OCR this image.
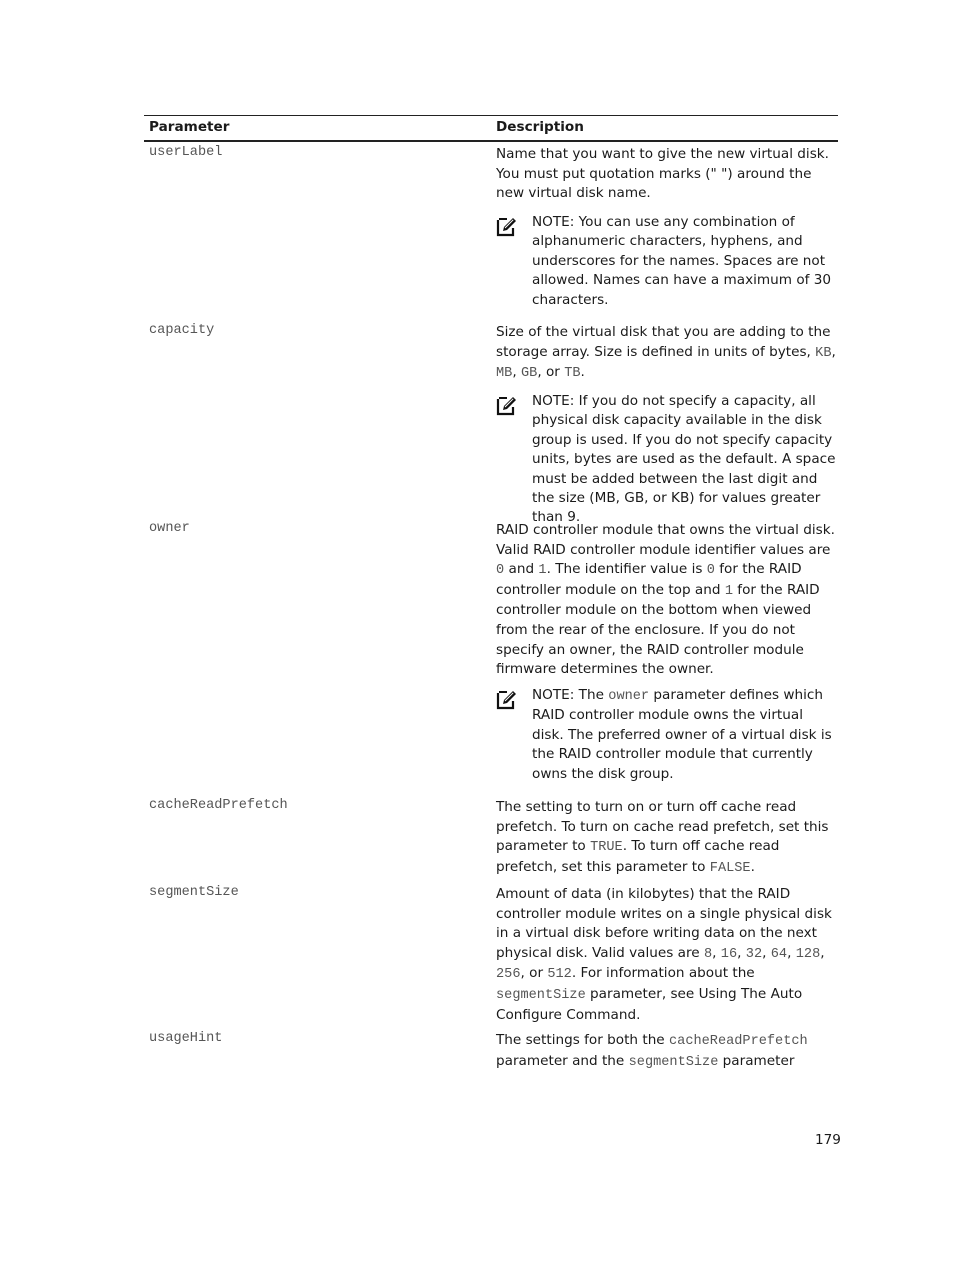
Parameter	Description
userLabel	Name that you want to give the new virtual disk. You must put quotation marks (" ") around the new virtual disk name.
NOTE: You can use any combination of alphanumeric characters, hyphens, and underscores for the names. Spaces are not allowed. Names can have a maximum of 30 characters.
capacity	Size of the virtual disk that you are adding to the storage array. Size is defined in units of bytes, KB, MB, GB, or TB.
NOTE: If you do not specify a capacity, all physical disk capacity available in the disk group is used. If you do not specify capacity units, bytes are used as the default. A space must be added between the last digit and the size (MB, GB, or KB) for values greater than 9.
owner	RAID controller module that owns the virtual disk. Valid RAID controller module identifier values are 0 and 1. The identifier value is 0 for the RAID controller module on the top and 1 for the RAID controller module on the bottom when viewed from the rear of the enclosure. If you do not specify an owner, the RAID controller module firmware determines the owner.
NOTE: The owner parameter defines which RAID controller module owns the virtual disk. The preferred owner of a virtual disk is the RAID controller module that currently owns the disk group.
cacheReadPrefetch	The setting to turn on or turn off cache read prefetch. To turn on cache read prefetch, set this parameter to TRUE. To turn off cache read prefetch, set this parameter to FALSE.
segmentSize	Amount of data (in kilobytes) that the RAID controller module writes on a single physical disk in a virtual disk before writing data on the next physical disk. Valid values are 8, 16, 32, 64, 128, 256, or 512. For information about the segmentSize parameter, see Using The Auto Configure Command.
usageHint	The settings for both the cacheReadPrefetch parameter and the segmentSize parameter
179
